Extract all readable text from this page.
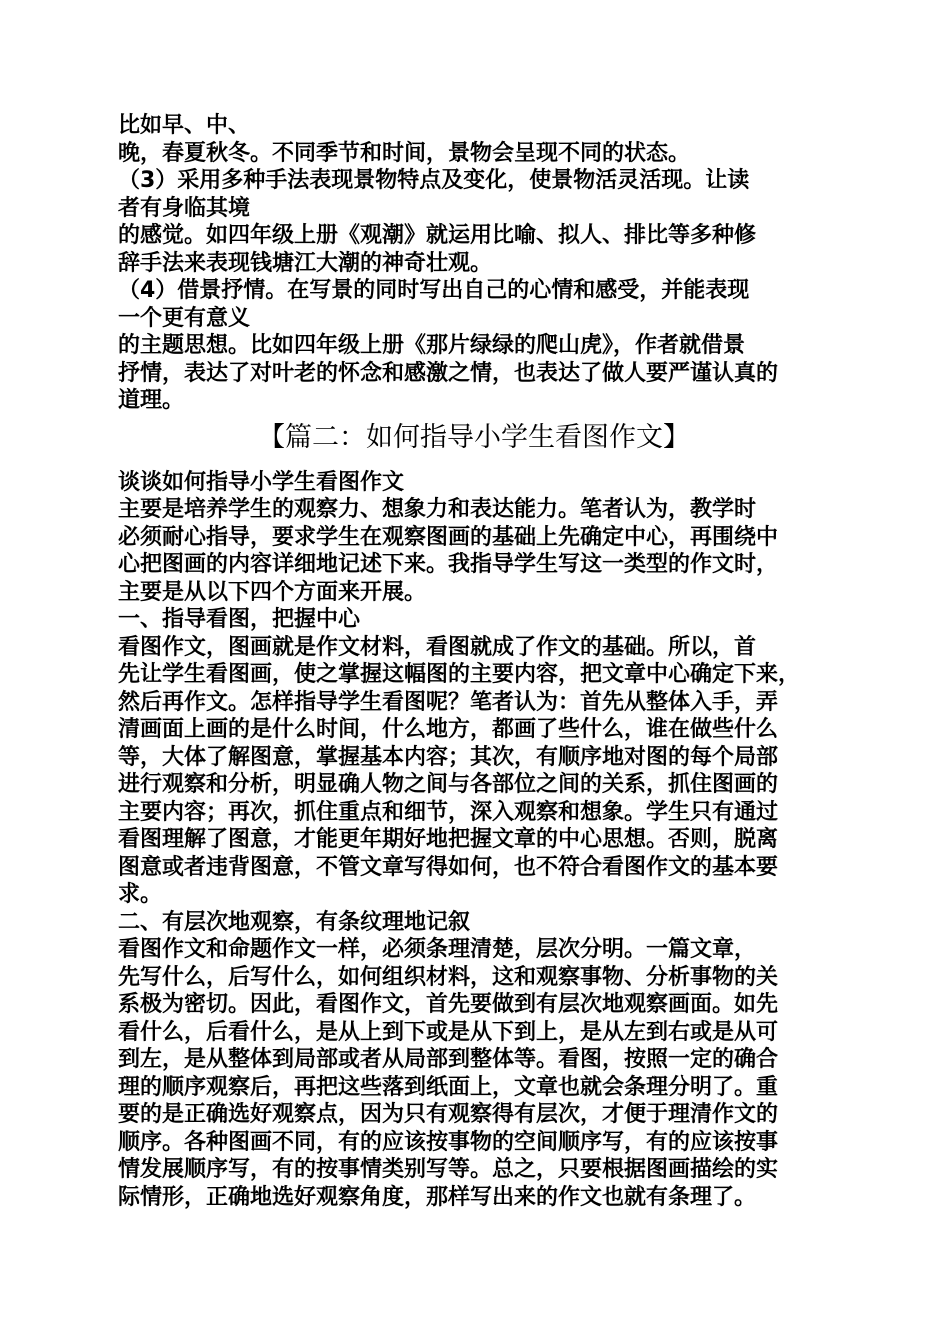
比如早、中、
晚，春夏秋冬。不同季节和时间，景物会呈现不同的状态。
（3）采用多种手法表现景物特点及变化，使景物活灵活现。让读
者有身临其境
的感觉。如四年级上册《观潮》就运用比喻、拟人、排比等多种修
辞手法来表现钱塘江大潮的神奇壮观。
（4）借景抒情。在写景的同时写出自己的心情和感受，并能表现
一个更有意义
的主题思想。比如四年级上册《那片绿绿的爬山虎》，作者就借景
抒情，表达了对叶老的怀念和感激之情，也表达了做人要严谨认真的
道理。
【篇二：如何指导小学生看图作文】
谈谈如何指导小学生看图作文
主要是培养学生的观察力、想象力和表达能力。笔者认为，教学时
必须耐心指导，要求学生在观察图画的基础上先确定中心，再围绕中
心把图画的内容详细地记述下来。我指导学生写这一类型的作文时，
主要是从以下四个方面来开展。
一、指导看图，把握中心
看图作文，图画就是作文材料，看图就成了作文的基础。所以，首
先让学生看图画，使之掌握这幅图的主要内容，把文章中心确定下来，
然后再作文。怎样指导学生看图呢？笔者认为：首先从整体入手，弄
清画面上画的是什么时间，什么地方，都画了些什么，谁在做些什么
等，大体了解图意，掌握基本内容；其次，有顺序地对图的每个局部
进行观察和分析，明显确人物之间与各部位之间的关系，抓住图画的
主要内容；再次，抓住重点和细节，深入观察和想象。学生只有通过
看图理解了图意，才能更年期好地把握文章的中心思想。否则，脱离
图意或者违背图意，不管文章写得如何，也不符合看图作文的基本要
求。
二、有层次地观察，有条纹理地记叙
看图作文和命题作文一样，必须条理清楚，层次分明。一篇文章，
先写什么，后写什么，如何组织材料，这和观察事物、分析事物的关
系极为密切。因此，看图作文，首先要做到有层次地观察画面。如先
看什么，后看什么，是从上到下或是从下到上，是从左到右或是从可
到左，是从整体到局部或者从局部到整体等。看图，按照一定的确合
理的顺序观察后，再把这些落到纸面上，文章也就会条理分明了。重
要的是正确选好观察点，因为只有观察得有层次，才便于理清作文的
顺序。各种图画不同，有的应该按事物的空间顺序写，有的应该按事
情发展顺序写，有的按事情类别写等。总之，只要根据图画描绘的实
际情形，正确地选好观察角度，那样写出来的作文也就有条理了。
